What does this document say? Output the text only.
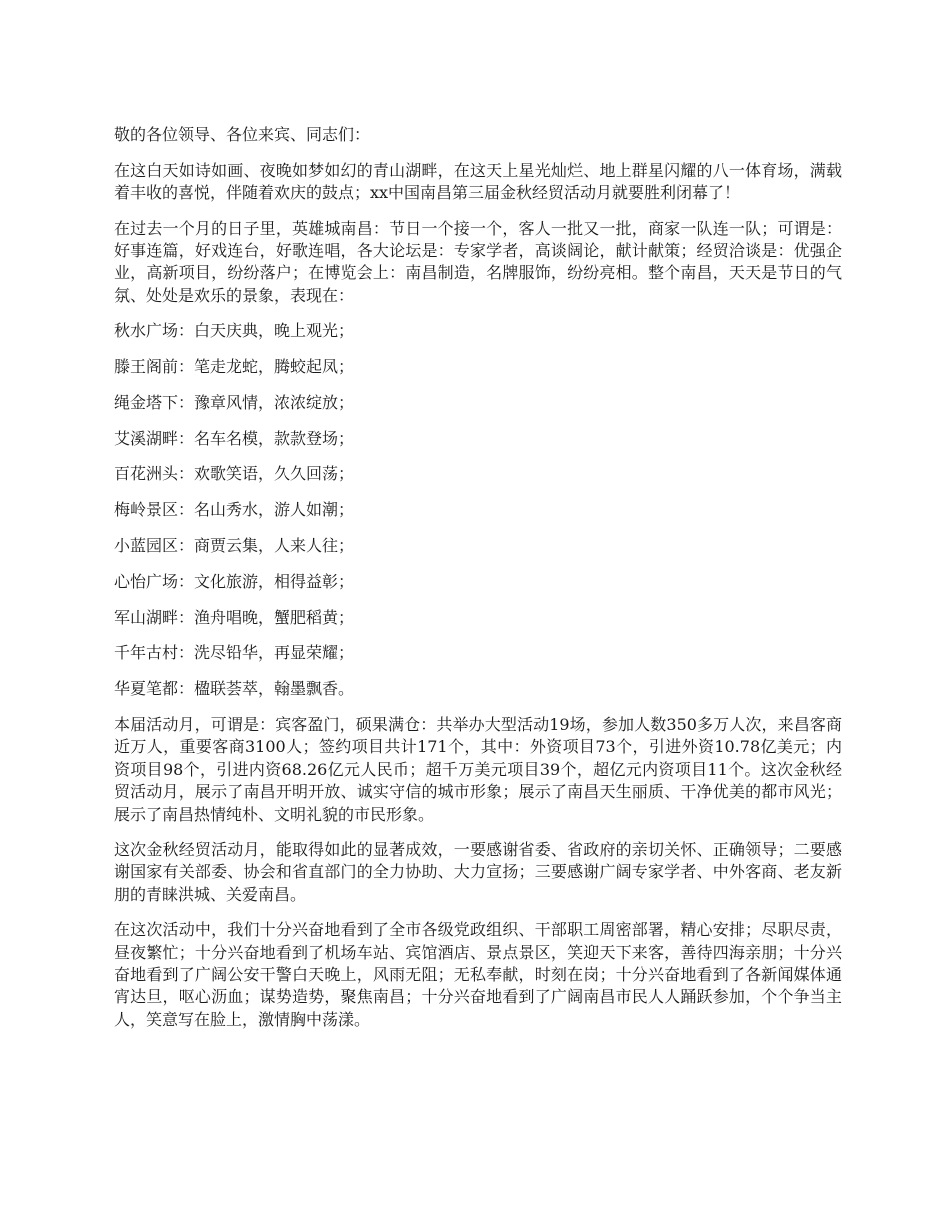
敬的各位领导、各位来宾、同志们：

在这白天如诗如画、夜晚如梦如幻的青山湖畔，在这天上星光灿烂、地上群星闪耀的八一体育场，满载着丰收的喜悦，伴随着欢庆的鼓点；xx中国南昌第三届金秋经贸活动月就要胜利闭幕了！

在过去一个月的日子里，英雄城南昌：节日一个接一个，客人一批又一批，商家一队连一队；可谓是：好事连篇，好戏连台，好歌连唱，各大论坛是：专家学者，高谈阔论，献计献策；经贸洽谈是：优强企业，高新项目，纷纷落户；在博览会上：南昌制造，名牌服饰，纷纷亮相。整个南昌，天天是节日的气氛、处处是欢乐的景象，表现在：

秋水广场：白天庆典，晚上观光；

滕王阁前：笔走龙蛇，腾蛟起凤；

绳金塔下：豫章风情，浓浓绽放；

艾溪湖畔：名车名模，款款登场；

百花洲头：欢歌笑语，久久回荡；

梅岭景区：名山秀水，游人如潮；

小蓝园区：商贾云集，人来人往；

心怡广场：文化旅游，相得益彰；

军山湖畔：渔舟唱晚，蟹肥稻黄；

千年古村：洗尽铅华，再显荣耀；

华夏笔都：楹联荟萃，翰墨飘香。

本届活动月，可谓是：宾客盈门，硕果满仓：共举办大型活动19场，参加人数350多万人次，来昌客商近万人，重要客商3100人；签约项目共计171个，其中：外资项目73个，引进外资10.78亿美元；内资项目98个，引进内资68.26亿元人民币；超千万美元项目39个，超亿元内资项目11个。这次金秋经贸活动月，展示了南昌开明开放、诚实守信的城市形象；展示了南昌天生丽质、干净优美的都市风光；展示了南昌热情纯朴、文明礼貌的市民形象。

这次金秋经贸活动月，能取得如此的显著成效，一要感谢省委、省政府的亲切关怀、正确领导；二要感谢国家有关部委、协会和省直部门的全力协助、大力宣扬；三要感谢广阔专家学者、中外客商、老友新朋的青睐洪城、关爱南昌。

在这次活动中，我们十分兴奋地看到了全市各级党政组织、干部职工周密部署，精心安排；尽职尽责，昼夜繁忙；十分兴奋地看到了机场车站、宾馆酒店、景点景区，笑迎天下来客，善待四海亲朋；十分兴奋地看到了广阔公安干警白天晚上，风雨无阻；无私奉献，时刻在岗；十分兴奋地看到了各新闻媒体通宵达旦，呕心沥血；谋势造势，聚焦南昌；十分兴奋地看到了广阔南昌市民人人踊跃参加，个个争当主人，笑意写在脸上，激情胸中荡漾。
